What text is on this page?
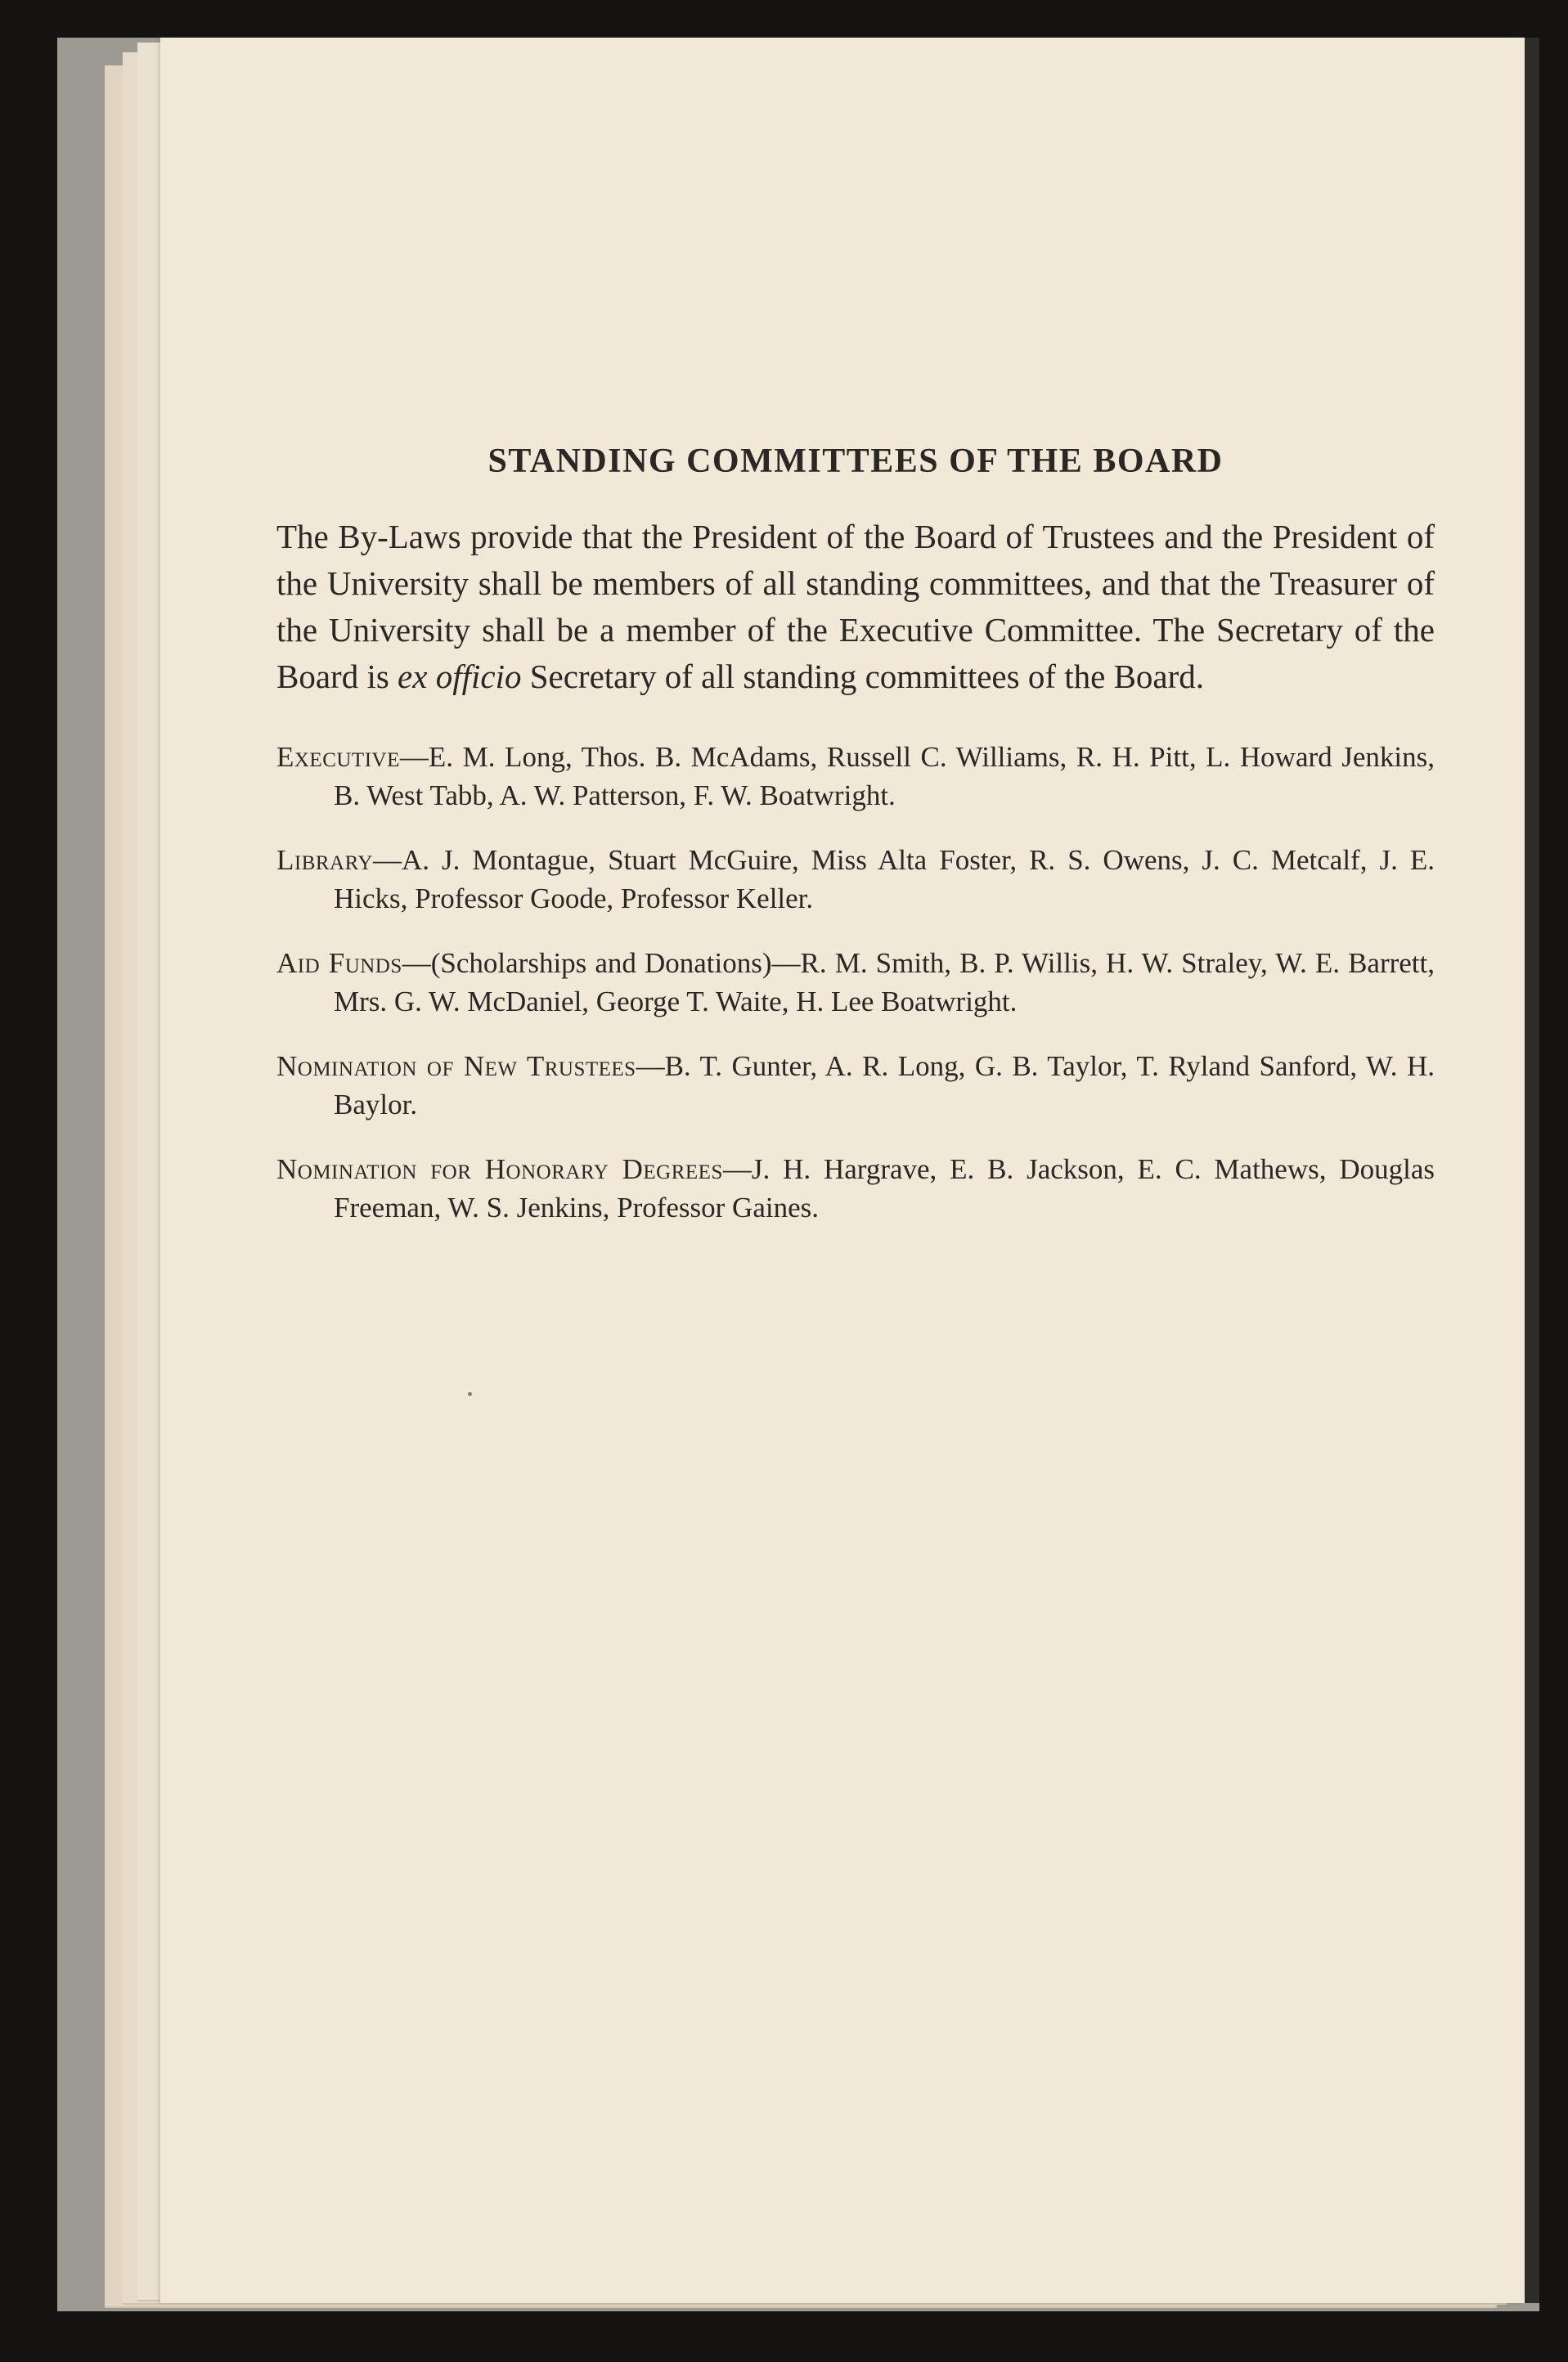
STANDING COMMITTEES OF THE BOARD

The By-Laws provide that the President of the Board of Trustees and the President of the University shall be members of all standing committees, and that the Treasurer of the University shall be a member of the Executive Committee. The Secretary of the Board is ex officio Secretary of all standing committees of the Board.

Executive—E. M. Long, Thos. B. McAdams, Russell C. Williams, R. H. Pitt, L. Howard Jenkins, B. West Tabb, A. W. Patterson, F. W. Boatwright.

Library—A. J. Montague, Stuart McGuire, Miss Alta Foster, R. S. Owens, J. C. Metcalf, J. E. Hicks, Professor Goode, Professor Keller.

Aid Funds—(Scholarships and Donations)—R. M. Smith, B. P. Willis, H. W. Straley, W. E. Barrett, Mrs. G. W. McDaniel, George T. Waite, H. Lee Boatwright.

Nomination of New Trustees—B. T. Gunter, A. R. Long, G. B. Taylor, T. Ryland Sanford, W. H. Baylor.

Nomination for Honorary Degrees—J. H. Hargrave, E. B. Jackson, E. C. Mathews, Douglas Freeman, W. S. Jenkins, Professor Gaines.
